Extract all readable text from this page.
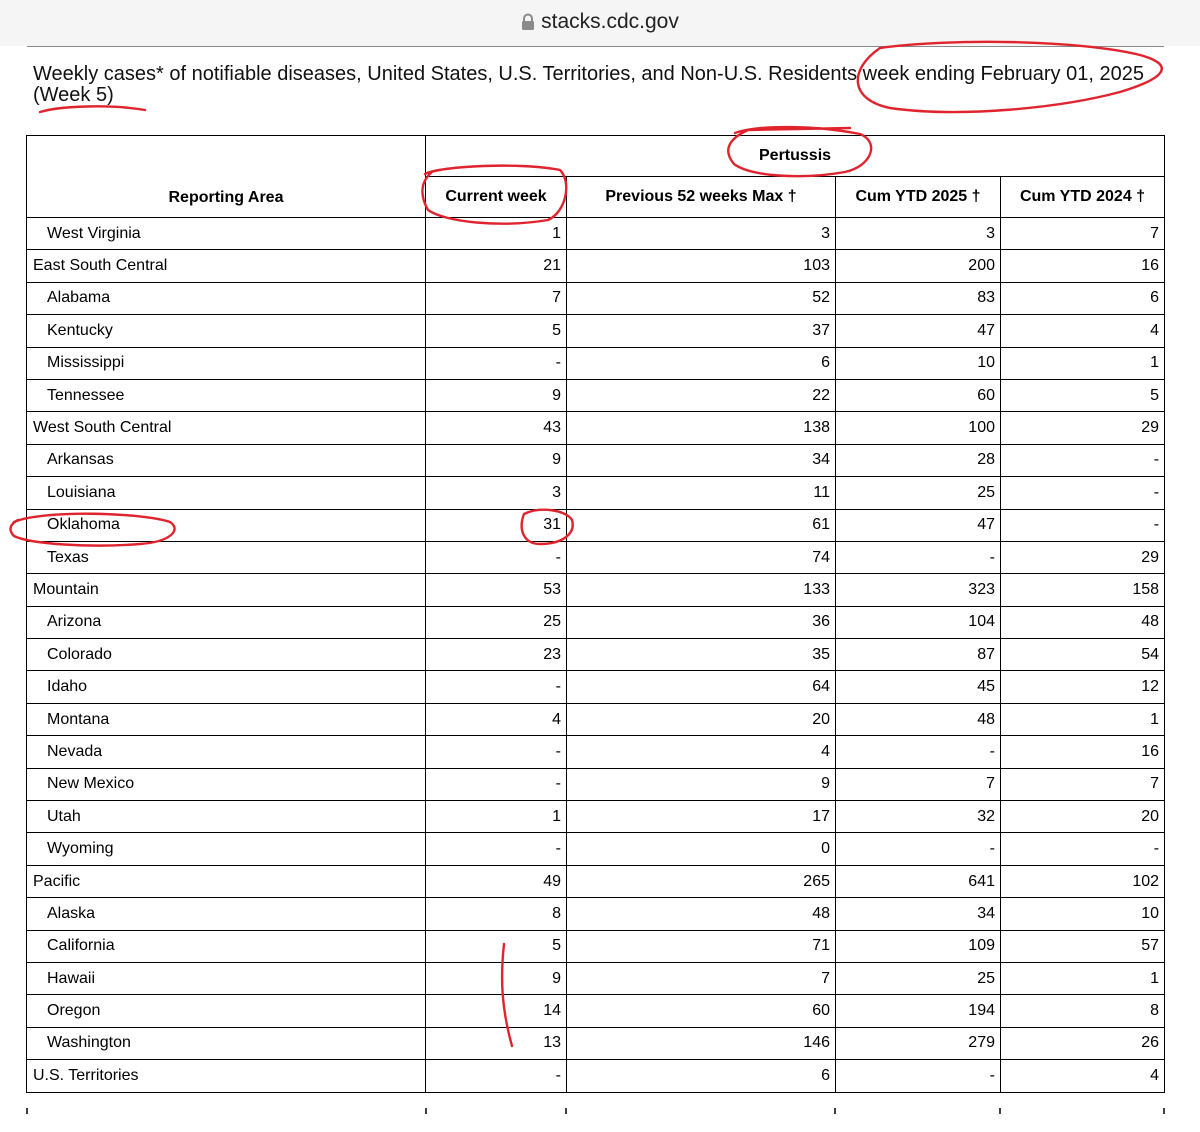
stacks.cdc.gov
Weekly cases* of notifiable diseases, United States, U.S. Territories, and Non-U.S. Residents week ending February 01, 2025 (Week 5)
Reporting Area	Pertussis			
	Current week	Previous 52 weeks Max †	Cum YTD 2025 †	Cum YTD 2024 †
West Virginia	1	3	3	7
East South Central	21	103	200	16
Alabama	7	52	83	6
Kentucky	5	37	47	4
Mississippi	-	6	10	1
Tennessee	9	22	60	5
West South Central	43	138	100	29
Arkansas	9	34	28	-
Louisiana	3	11	25	-
Oklahoma	31	61	47	-
Texas	-	74	-	29
Mountain	53	133	323	158
Arizona	25	36	104	48
Colorado	23	35	87	54
Idaho	-	64	45	12
Montana	4	20	48	1
Nevada	-	4	-	16
New Mexico	-	9	7	7
Utah	1	17	32	20
Wyoming	-	0	-	-
Pacific	49	265	641	102
Alaska	8	48	34	10
California	5	71	109	57
Hawaii	9	7	25	1
Oregon	14	60	194	8
Washington	13	146	279	26
U.S. Territories	-	6	-	4
